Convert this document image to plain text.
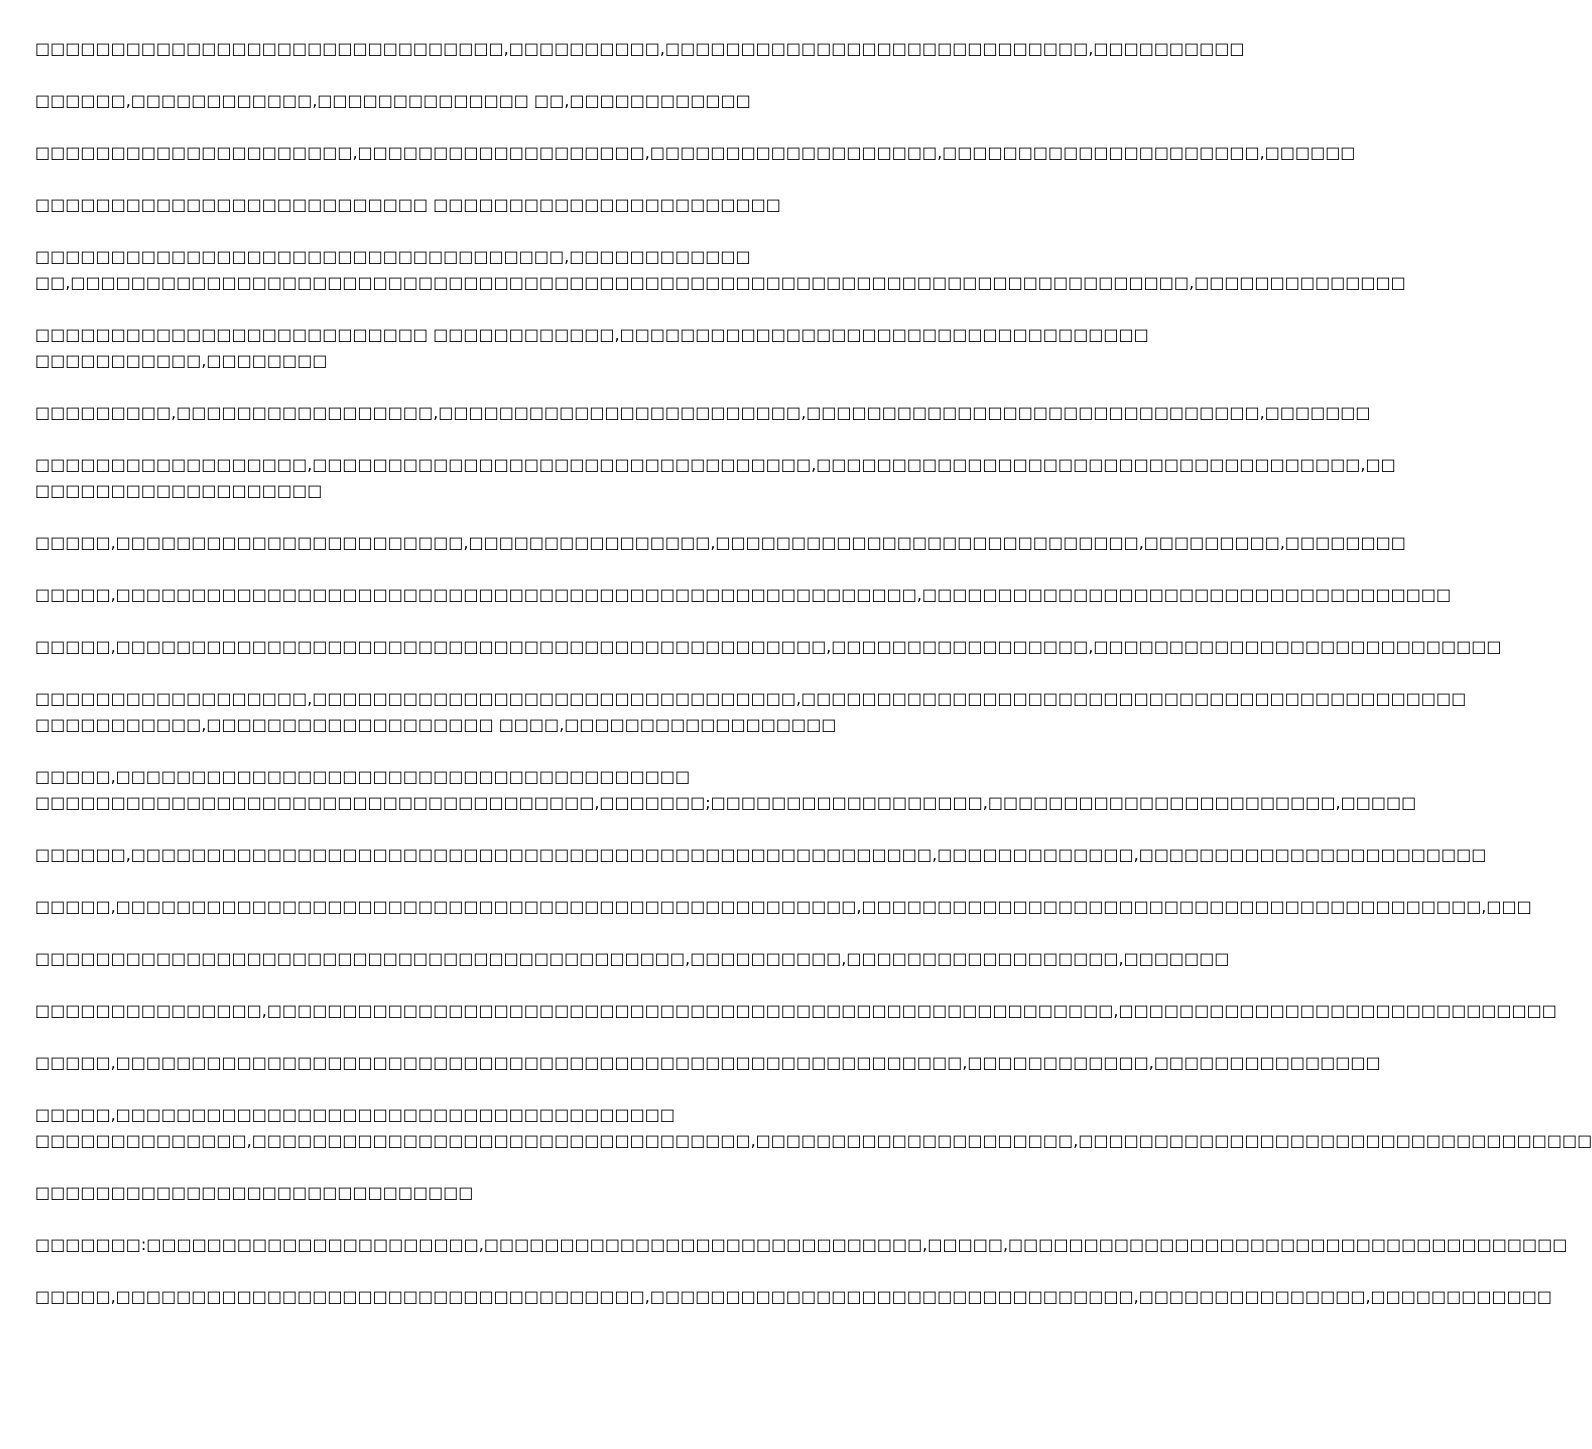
□□□□□□□□□□□□□□□□□□□□□□□□□□□□□□□,□□□□□□□□□□,□□□□□□□□□□□□□□□□□□□□□□□□□□□□,□□□□□□□□□□

□□□□□□,□□□□□□□□□□□□,□□□□□□□□□□□□□□ □□,□□□□□□□□□□□□

□□□□□□□□□□□□□□□□□□□□□,□□□□□□□□□□□□□□□□□□□,□□□□□□□□□□□□□□□□□□□,□□□□□□□□□□□□□□□□□□□□□,□□□□□□

□□□□□□□□□□□□□□□□□□□□□□□□□□ □□□□□□□□□□□□□□□□□□□□□□□

□□□□□□□□□□□□□□□□□□□□□□□□□□□□□□□□□□□,□□□□□□□□□□□□
□□,□□□□□□□□□□□□□□□□□□□□□□□□□□□□□□□□□□□□□□□□□□□□□□□□□□□□□□□□□□□□□□□□□□□□□□□□□□,□□□□□□□□□□□□□□

□□□□□□□□□□□□□□□□□□□□□□□□□□ □□□□□□□□□□□□,□□□□□□□□□□□□□□□□□□□□□□□□□□□□□□□□□□□
□□□□□□□□□□□,□□□□□□□□

□□□□□□□□□,□□□□□□□□□□□□□□□□□,□□□□□□□□□□□□□□□□□□□□□□□□,□□□□□□□□□□□□□□□□□□□□□□□□□□□□□□,□□□□□□□

□□□□□□□□□□□□□□□□□□,□□□□□□□□□□□□□□□□□□□□□□□□□□□□□□□□□,□□□□□□□□□□□□□□□□□□□□□□□□□□□□□□□□□□□□,□□
□□□□□□□□□□□□□□□□□□□

□□□□□,□□□□□□□□□□□□□□□□□□□□□□□,□□□□□□□□□□□□□□□□,□□□□□□□□□□□□□□□□□□□□□□□□□□□□,□□□□□□□□□,□□□□□□□□

□□□□□,□□□□□□□□□□□□□□□□□□□□□□□□□□□□□□□□□□□□□□□□□□□□□□□□□□□□□,□□□□□□□□□□□□□□□□□□□□□□□□□□□□□□□□□□□

□□□□□,□□□□□□□□□□□□□□□□□□□□□□□□□□□□□□□□□□□□□□□□□□□□□□□,□□□□□□□□□□□□□□□□□,□□□□□□□□□□□□□□□□□□□□□□□□□□□

□□□□□□□□□□□□□□□□□□,□□□□□□□□□□□□□□□□□□□□□□□□□□□□□□□□,□□□□□□□□□□□□□□□□□□□□□□□□□□□□□□□□□□□□□□□□□□□□
□□□□□□□□□□□,□□□□□□□□□□□□□□□□□□□ □□□□,□□□□□□□□□□□□□□□□□□

□□□□□,□□□□□□□□□□□□□□□□□□□□□□□□□□□□□□□□□□□□□□
□□□□□□□□□□□□□□□□□□□□□□□□□□□□□□□□□□□□□,□□□□□□□;□□□□□□□□□□□□□□□□□□,□□□□□□□□□□□□□□□□□□□□□□□,□□□□□

□□□□□□,□□□□□□□□□□□□□□□□□□□□□□□□□□□□□□□□□□□□□□□□□□□□□□□□□□□□□,□□□□□□□□□□□□□,□□□□□□□□□□□□□□□□□□□□□□□

□□□□□,□□□□□□□□□□□□□□□□□□□□□□□□□□□□□□□□□□□□□□□□□□□□□□□□□,□□□□□□□□□□□□□□□□□□□□□□□□□□□□□□□□□□□□□□□□□,□□□

□□□□□□□□□□□□□□□□□□□□□□□□□□□□□□□□□□□□□□□□□□□,□□□□□□□□□□,□□□□□□□□□□□□□□□□□□,□□□□□□□

□□□□□□□□□□□□□□□,□□□□□□□□□□□□□□□□□□□□□□□□□□□□□□□□□□□□□□□□□□□□□□□□□□□□□□□□,□□□□□□□□□□□□□□□□□□□□□□□□□□□□□

□□□□□,□□□□□□□□□□□□□□□□□□□□□□□□□□□□□□□□□□□□□□□□□□□□□□□□□□□□□□□□,□□□□□□□□□□□□,□□□□□□□□□□□□□□□

□□□□□,□□□□□□□□□□□□□□□□□□□□□□□□□□□□□□□□□□□□□
□□□□□□□□□□□□□□,□□□□□□□□□□□□□□□□□□□□□□□□□□□□□□□□□,□□□□□□□□□□□□□□□□□□□□□,□□□□□□□□□□□□□□□□□□□□□□□□□□□□□□□□□□

□□□□□□□□□□□□□□□□□□□□□□□□□□□□□

□□□□□□□:□□□□□□□□□□□□□□□□□□□□□□,□□□□□□□□□□□□□□□□□□□□□□□□□□□□□,□□□□□,□□□□□□□□□□□□□□□□□□□□□□□□□□□□□□□□□□□□□

□□□□□,□□□□□□□□□□□□□□□□□□□□□□□□□□□□□□□□□□□,□□□□□□□□□□□□□□□□□□□□□□□□□□□□□□□□,□□□□□□□□□□□□□□□,□□□□□□□□□□□□
